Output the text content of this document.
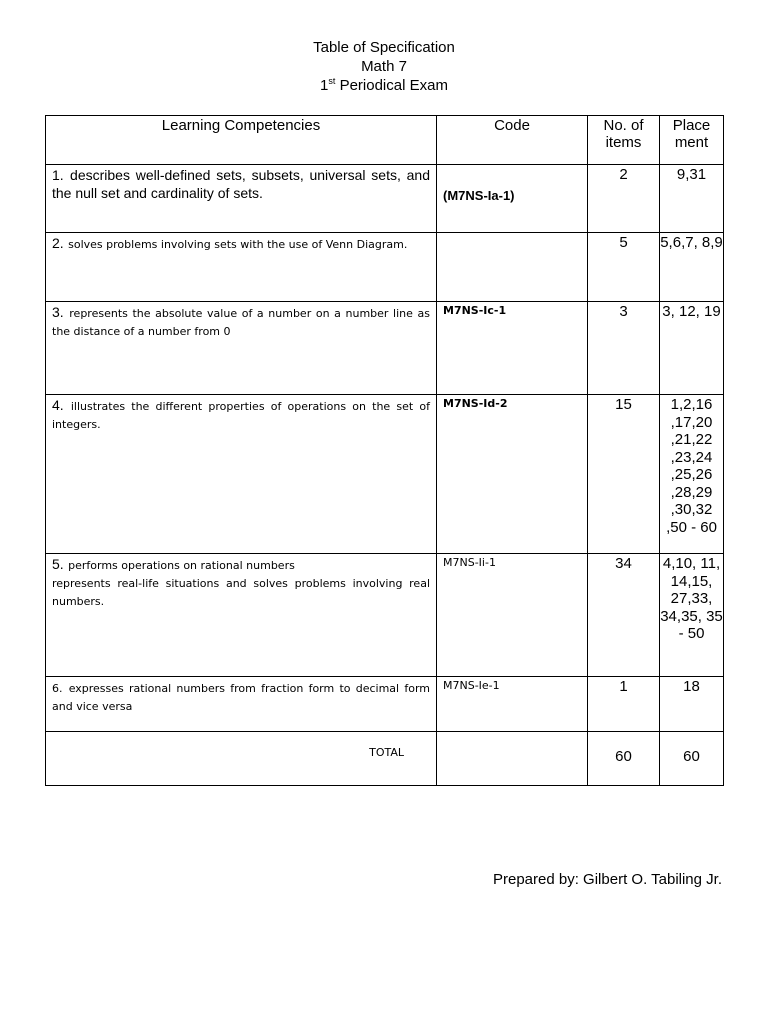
Table of Specification
Math 7
1st Periodical Exam
Learning Competencies	Code	No. of items	Place ment
1. describes well-defined sets, subsets, universal sets, and the null set and cardinality of sets.	(M7NS-Ia-1)	2	9,31
2. solves problems involving sets with the use of Venn Diagram.		5	5,6,7, 8,9
3. represents the absolute value of a number on a number line as the distance of a number from 0	M7NS-Ic-1	3	3, 12, 19
4. illustrates the different properties of operations on the set of integers.	M7NS-Id-2	15	1,2,16 ,17,20 ,21,22 ,23,24 ,25,26 ,28,29 ,30,32 ,50 - 60
5. performs operations on rational numbers
represents real-life situations and solves problems involving real numbers.	M7NS-Ii-1	34	4,10, 11, 14,15, 27,33, 34,35, 35 - 50
6. expresses rational numbers from fraction form to decimal form and vice versa	M7NS-Ie-1	1	18
TOTAL		60	60
Prepared by: Gilbert O. Tabiling Jr.
